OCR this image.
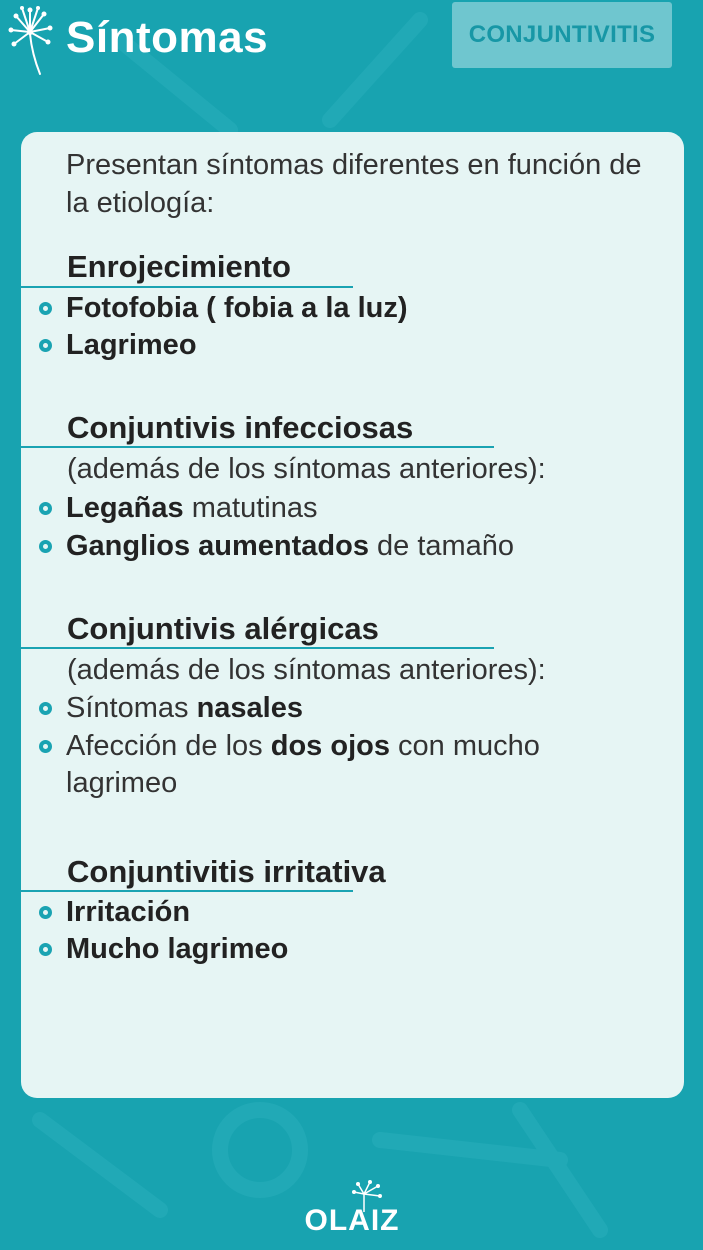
Síntomas	CONJUNTIVITIS
Presentan síntomas diferentes en función de la etiología:
Enrojecimiento
Fotofobia ( fobia a la luz)
Lagrimeo
Conjuntivis infecciosas
(además de los síntomas anteriores):
Legañas matutinas
Ganglios aumentados de tamaño
Conjuntivis alérgicas
(además de los síntomas anteriores):
Síntomas nasales
Afección de los dos ojos con mucho lagrimeo
Conjuntivitis irritativa
Irritación
Mucho lagrimeo
OLAIZ
